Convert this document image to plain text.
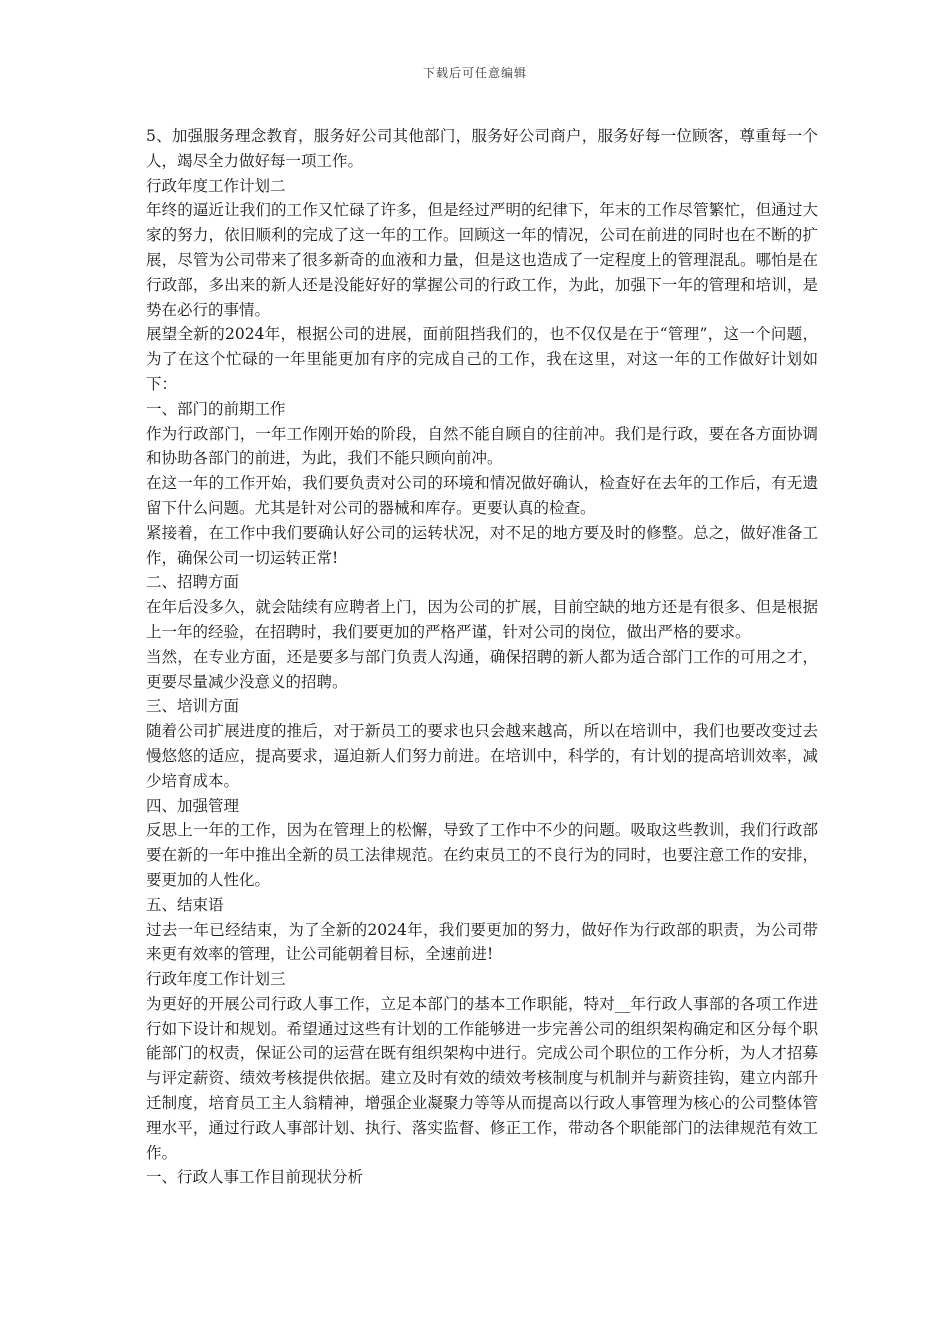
下载后可任意编辑

5、加强服务理念教育，服务好公司其他部门，服务好公司商户，服务好每一位顾客，尊重每一个人，竭尽全力做好每一项工作。

行政年度工作计划二

年终的逼近让我们的工作又忙碌了许多，但是经过严明的纪律下，年末的工作尽管繁忙，但通过大家的努力，依旧顺利的完成了这一年的工作。回顾这一年的情况，公司在前进的同时也在不断的扩展，尽管为公司带来了很多新奇的血液和力量，但是这也造成了一定程度上的管理混乱。哪怕是在行政部，多出来的新人还是没能好好的掌握公司的行政工作，为此，加强下一年的管理和培训，是势在必行的事情。

展望全新的2024年，根据公司的进展，面前阻挡我们的，也不仅仅是在于“管理”，这一个问题，为了在这个忙碌的一年里能更加有序的完成自己的工作，我在这里，对这一年的工作做好计划如下：

一、部门的前期工作

作为行政部门，一年工作刚开始的阶段，自然不能自顾自的往前冲。我们是行政，要在各方面协调和协助各部门的前进，为此，我们不能只顾向前冲。

在这一年的工作开始，我们要负责对公司的环境和情况做好确认，检查好在去年的工作后，有无遗留下什么问题。尤其是针对公司的器械和库存。更要认真的检查。

紧接着，在工作中我们要确认好公司的运转状况，对不足的地方要及时的修整。总之，做好准备工作，确保公司一切运转正常!

二、招聘方面

在年后没多久，就会陆续有应聘者上门，因为公司的扩展，目前空缺的地方还是有很多、但是根据上一年的经验，在招聘时，我们要更加的严格严谨，针对公司的岗位，做出严格的要求。

当然，在专业方面，还是要多与部门负责人沟通，确保招聘的新人都为适合部门工作的可用之才，更要尽量减少没意义的招聘。

三、培训方面

随着公司扩展进度的推后，对于新员工的要求也只会越来越高，所以在培训中，我们也要改变过去慢悠悠的适应，提高要求，逼迫新人们努力前进。在培训中，科学的，有计划的提高培训效率，减少培育成本。

四、加强管理

反思上一年的工作，因为在管理上的松懈，导致了工作中不少的问题。吸取这些教训，我们行政部要在新的一年中推出全新的员工法律规范。在约束员工的不良行为的同时，也要注意工作的安排，要更加的人性化。

五、结束语

过去一年已经结束，为了全新的2024年，我们要更加的努力，做好作为行政部的职责，为公司带来更有效率的管理，让公司能朝着目标，全速前进!

行政年度工作计划三

为更好的开展公司行政人事工作，立足本部门的基本工作职能，特对__年行政人事部的各项工作进行如下设计和规划。希望通过这些有计划的工作能够进一步完善公司的组织架构确定和区分每个职能部门的权责，保证公司的运营在既有组织架构中进行。完成公司个职位的工作分析，为人才招募与评定薪资、绩效考核提供依据。建立及时有效的绩效考核制度与机制并与薪资挂钩，建立内部升迁制度，培育员工主人翁精神，增强企业凝聚力等等从而提高以行政人事管理为核心的公司整体管理水平，通过行政人事部计划、执行、落实监督、修正工作，带动各个职能部门的法律规范有效工作。

一、行政人事工作目前现状分析
